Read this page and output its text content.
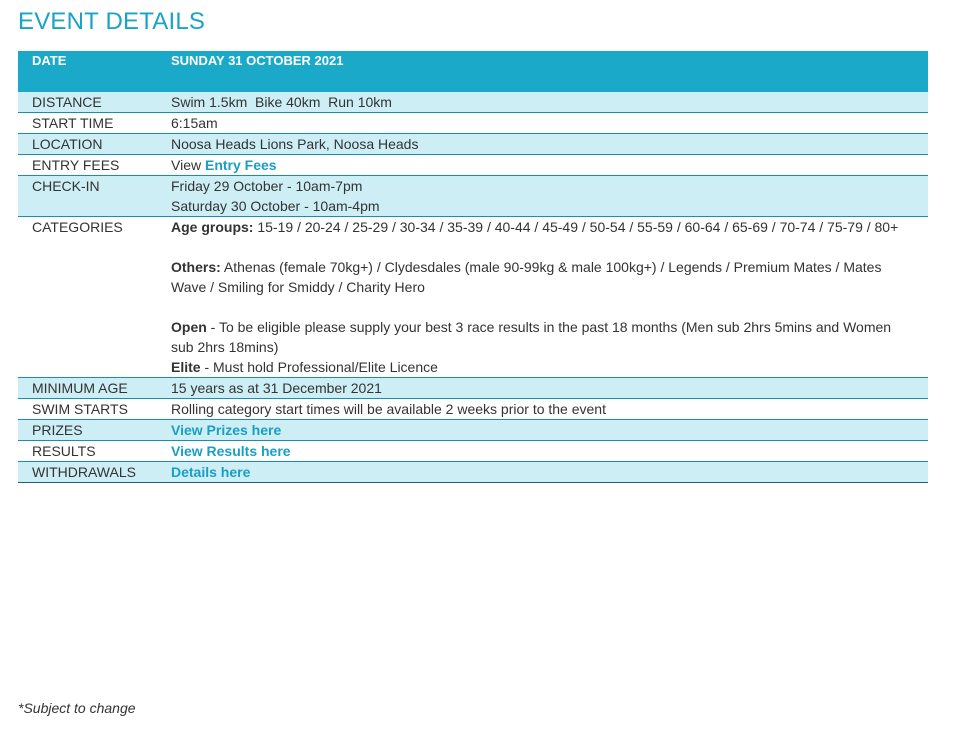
EVENT DETAILS
DATE	SUNDAY 31 OCTOBER 2021
DISTANCE	Swim 1.5km  Bike 40km  Run 10km
START TIME	6:15am
LOCATION	Noosa Heads Lions Park, Noosa Heads
ENTRY FEES	View Entry Fees
CHECK-IN	Friday 29 October - 10am-7pm
Saturday 30 October - 10am-4pm

CATEGORIES	Age groups: 15-19 / 20-24 / 25-29 / 30-34 / 35-39 / 40-44 / 45-49 / 50-54 / 55-59 / 60-64 / 65-69 / 70-74 / 75-79 / 80+
Others: Athenas (female 70kg+) / Clydesdales (male 90-99kg & male 100kg+) / Legends / Premium Mates / Mates Wave / Smiling for Smiddy / Charity Hero
Open - To be eligible please supply your best 3 race results in the past 18 months (Men sub 2hrs 5mins and Women sub 2hrs 18mins)
Elite - Must hold Professional/Elite Licence

MINIMUM AGE	15 years as at 31 December 2021
SWIM STARTS	Rolling category start times will be available 2 weeks prior to the event
PRIZES	View Prizes here
RESULTS	View Results here
WITHDRAWALS	Details here

*Subject to change
